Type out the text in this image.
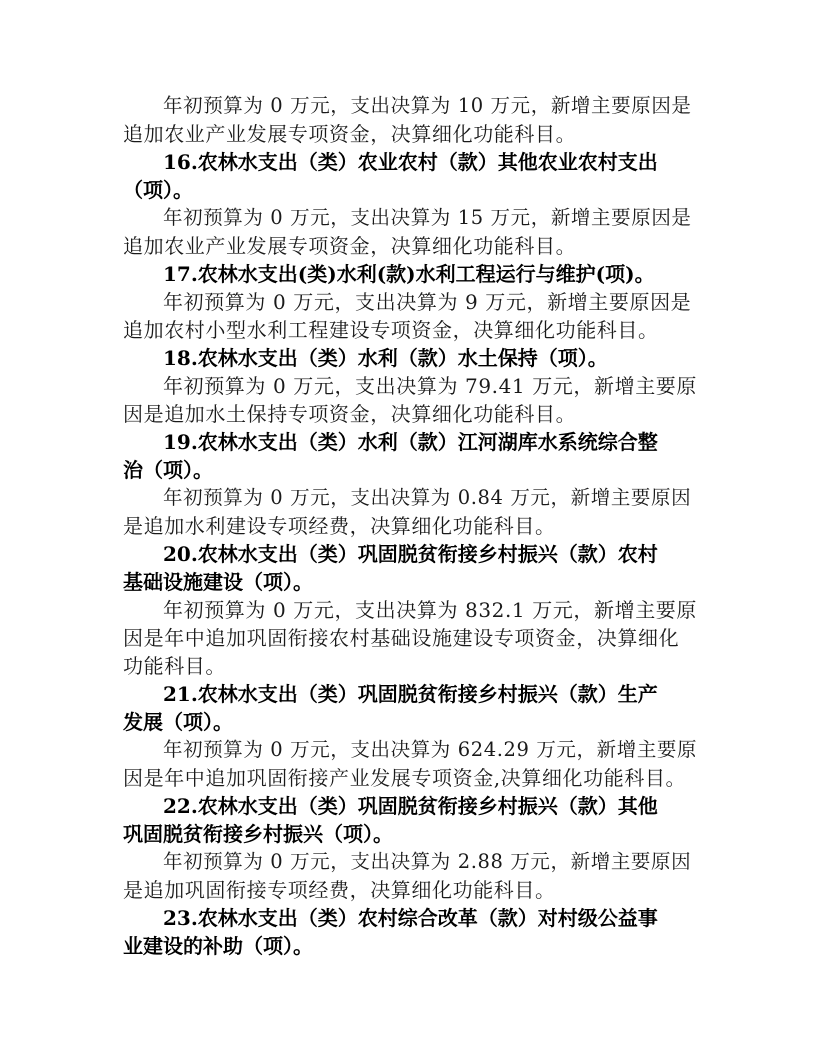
年初预算为 0 万元，支出决算为 10 万元，新增主要原因是
追加农业产业发展专项资金，决算细化功能科目。
16.农林水支出（类）农业农村（款）其他农业农村支出
（项）。
年初预算为 0 万元，支出决算为 15 万元，新增主要原因是
追加农业产业发展专项资金，决算细化功能科目。
17.农林水支出(类)水利(款)水利工程运行与维护(项)。
年初预算为 0 万元，支出决算为 9 万元，新增主要原因是
追加农村小型水利工程建设专项资金，决算细化功能科目。
18.农林水支出（类）水利（款）水土保持（项）。
年初预算为 0 万元，支出决算为 79.41 万元，新增主要原
因是追加水土保持专项资金，决算细化功能科目。
19.农林水支出（类）水利（款）江河湖库水系统综合整
治（项）。
年初预算为 0 万元，支出决算为 0.84 万元，新增主要原因
是追加水利建设专项经费，决算细化功能科目。
20.农林水支出（类）巩固脱贫衔接乡村振兴（款）农村
基础设施建设（项）。
年初预算为 0 万元，支出决算为 832.1 万元，新增主要原
因是年中追加巩固衔接农村基础设施建设专项资金，决算细化
功能科目。
21.农林水支出（类）巩固脱贫衔接乡村振兴（款）生产
发展（项）。
年初预算为 0 万元，支出决算为 624.29 万元，新增主要原
因是年中追加巩固衔接产业发展专项资金,决算细化功能科目。
22.农林水支出（类）巩固脱贫衔接乡村振兴（款）其他
巩固脱贫衔接乡村振兴（项）。
年初预算为 0 万元，支出决算为 2.88 万元，新增主要原因
是追加巩固衔接专项经费，决算细化功能科目。
23.农林水支出（类）农村综合改革（款）对村级公益事
业建设的补助（项）。
